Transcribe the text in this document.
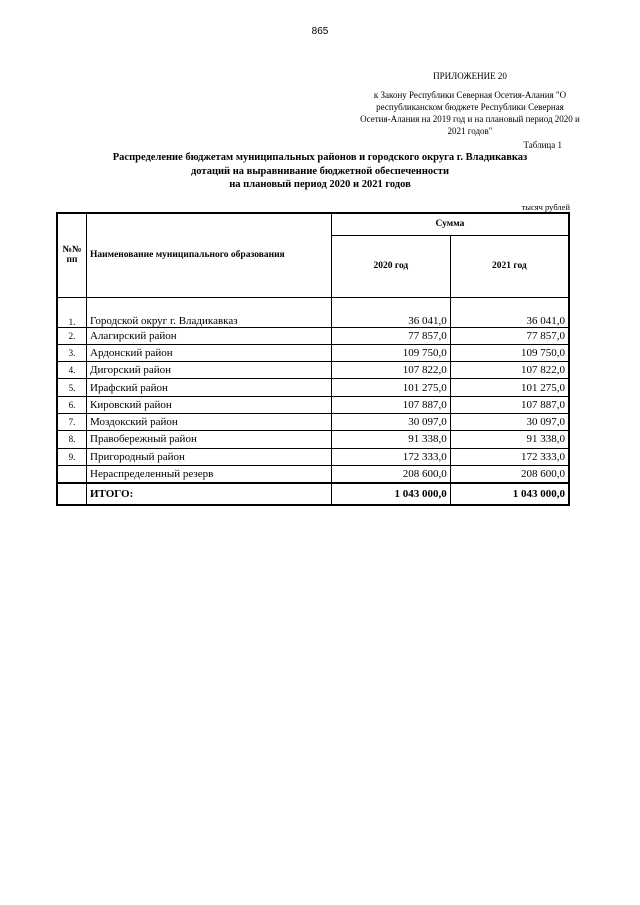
865
ПРИЛОЖЕНИЕ 20
к Закону Республики Северная Осетия-Алания "О республиканском бюджете Республики Северная Осетия-Алания на 2019 год и на плановый период 2020 и 2021 годов"
Таблица 1
Распределение бюджетам муниципальных районов и городского округа г. Владикавказ
дотаций на выравнивание бюджетной обеспеченности
на плановый период 2020 и 2021 годов
тысяч рублей
№№ пп	Наименование муниципального образования	Сумма	
		2020 год	2021 год
1.	Городской округ г. Владикавказ	36 041,0	36 041,0
2.	Алагирский район	77 857,0	77 857,0
3.	Ардонский район	109 750,0	109 750,0
4.	Дигорский район	107 822,0	107 822,0
5.	Ирафский район	101 275,0	101 275,0
6.	Кировский район	107 887,0	107 887,0
7.	Моздокский район	30 097,0	30 097,0
8.	Правобережный район	91 338,0	91 338,0
9.	Пригородный район	172 333,0	172 333,0
	Нераспределенный резерв	208 600,0	208 600,0
	ИТОГО:	1 043 000,0	1 043 000,0
